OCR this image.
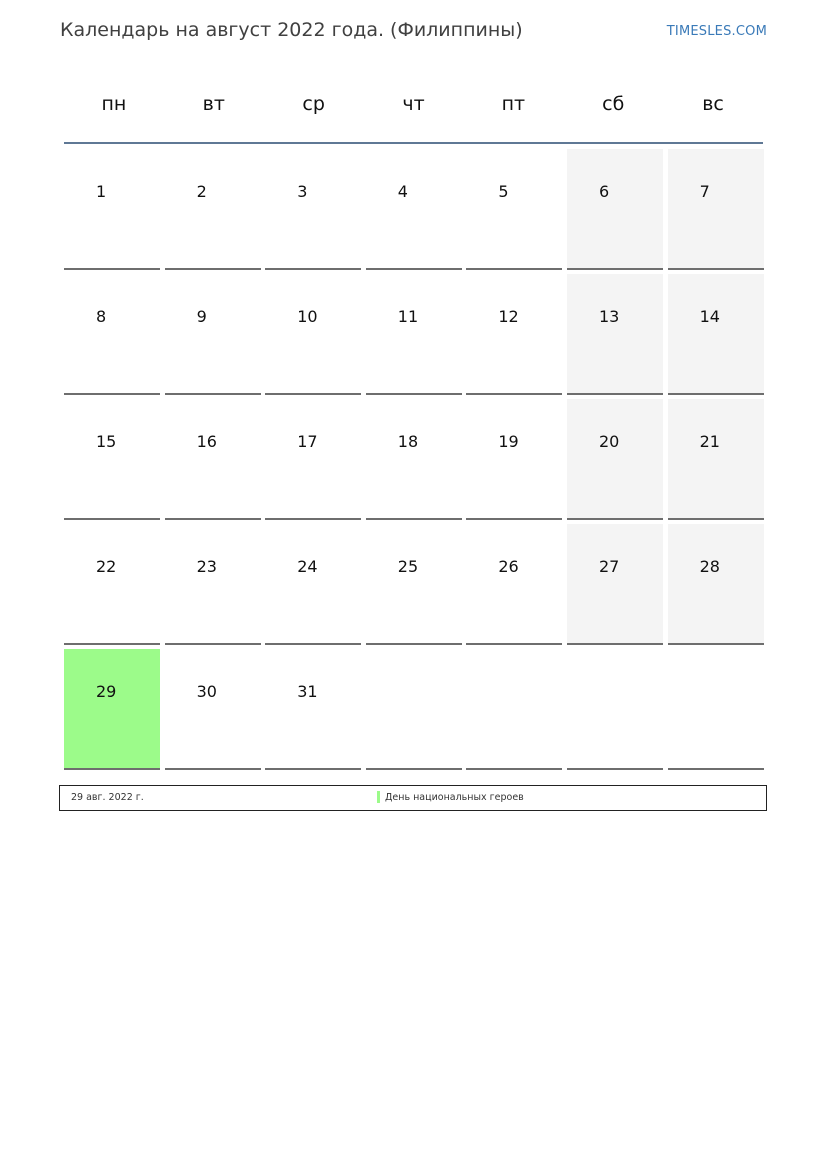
Календарь на август 2022 года. (Филиппины)	TIMESLES.COM
пн	вт	ср	чт	пт	сб	вс
1	2	3	4	5	6	7
8	9	10	11	12	13	14
15	16	17	18	19	20	21
22	23	24	25	26	27	28
29	30	31
29 авг. 2022 г.	День национальных героев
